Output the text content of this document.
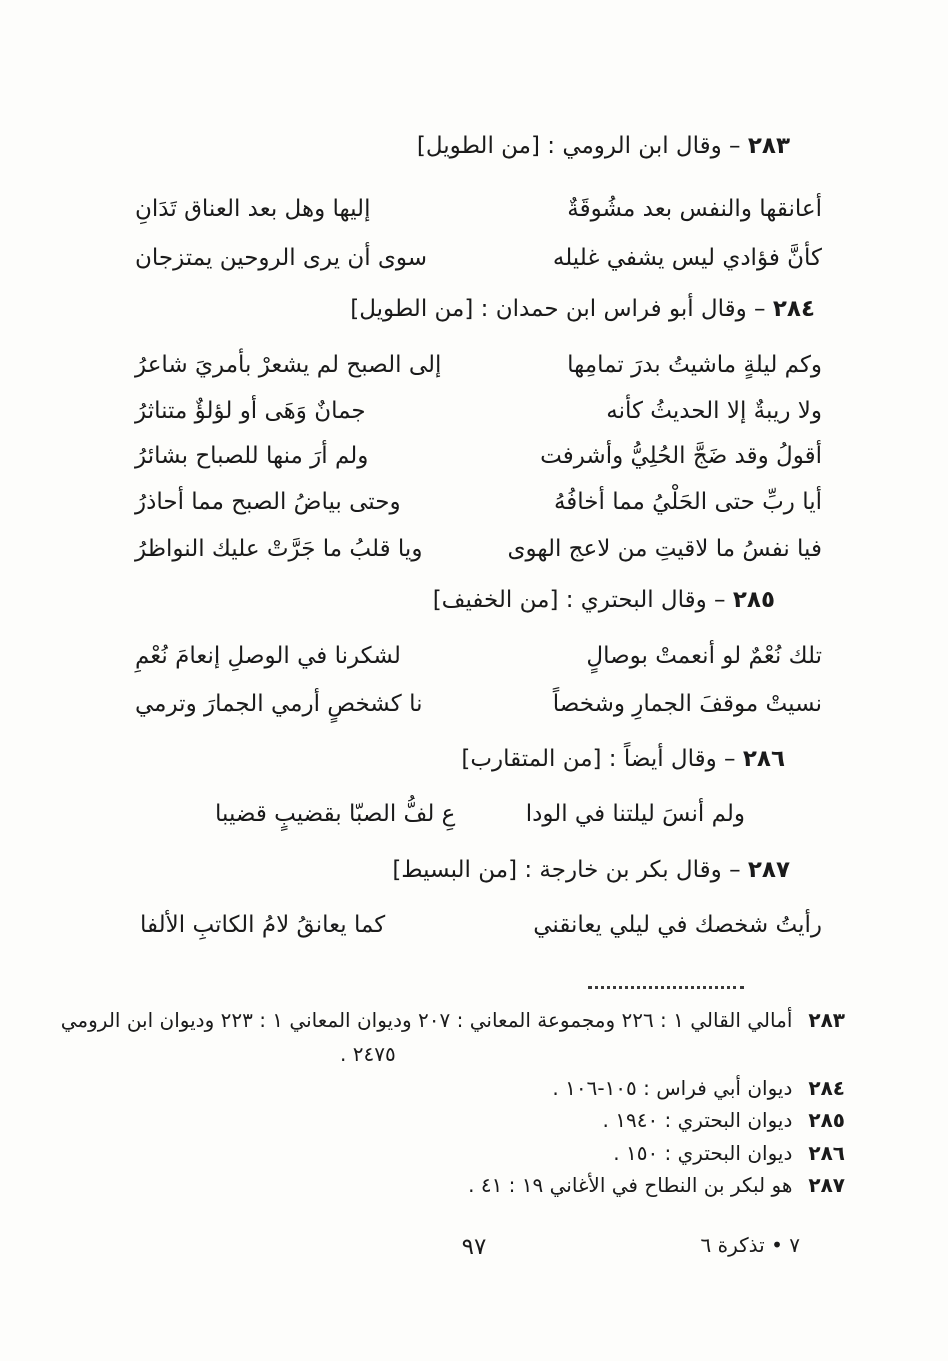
٢٨٣ – وقال ابن الرومي : [من الطويل]
أعانقها والنفس بعد مشُوقَةٌ
إليها وهل بعد العناق تَدَانِ
كأنَّ فؤادي ليس يشفي غليله
سوى أن يرى الروحين يمتزجان
٢٨٤ – وقال أبو فراس ابن حمدان : [من الطويل]
وكم ليلةٍ ماشيتُ بدرَ تمامِها
إلى الصبح لم يشعرْ بأمريَ شاعرُ
ولا ريبةٌ إلا الحديثُ كأنه
جمانٌ وَهَى أو لؤلؤٌ متناثرُ
أقولُ وقد ضَجَّ الحُلِيُّ وأشرفت
ولم أرَ منها للصباح بشائرُ
أيا ربِّ حتى الحَلْيُ مما أخافُهُ
وحتى بياضُ الصبح مما أحاذرُ
فيا نفسُ ما لاقيتِ من لاعج الهوى
ويا قلبُ ما جَرَّتْ عليك النواظرُ
٢٨٥ – وقال البحتري : [من الخفيف]
تلك نُعْمٌ لو أنعمتْ بوصالٍ
لشكرنا في الوصلِ إنعامَ نُعْمِ
نسيتْ موقفَ الجمارِ وشخصاً
نا كشخصٍ أرمي الجمارَ وترمي
٢٨٦ – وقال أيضاً : [من المتقارب]
ولم أنسَ ليلتنا في الودا
عِ لفُّ الصبّا بقضيبٍ قضيبا
٢٨٧ – وقال بكر بن خارجة : [من البسيط]
رأيتُ شخصك في ليلي يعانقني
كما يعانقُ لامُ الكاتبِ الألفا
٢٨٣أمالي القالي ١ : ٢٢٦ ومجموعة المعاني : ٢٠٧ وديوان المعاني ١ : ٢٢٣ وديوان ابن الرومي
٢٤٧٥ .
٢٨٤ديوان أبي فراس : ١٠٥-١٠٦ .
٢٨٥ديوان البحتري : ١٩٤٠ .
٢٨٦ديوان البحتري : ١٥٠ .
٢٨٧هو لبكر بن النطاح في الأغاني ١٩ : ٤١ .
٧ • تذكرة ٦
٩٧
